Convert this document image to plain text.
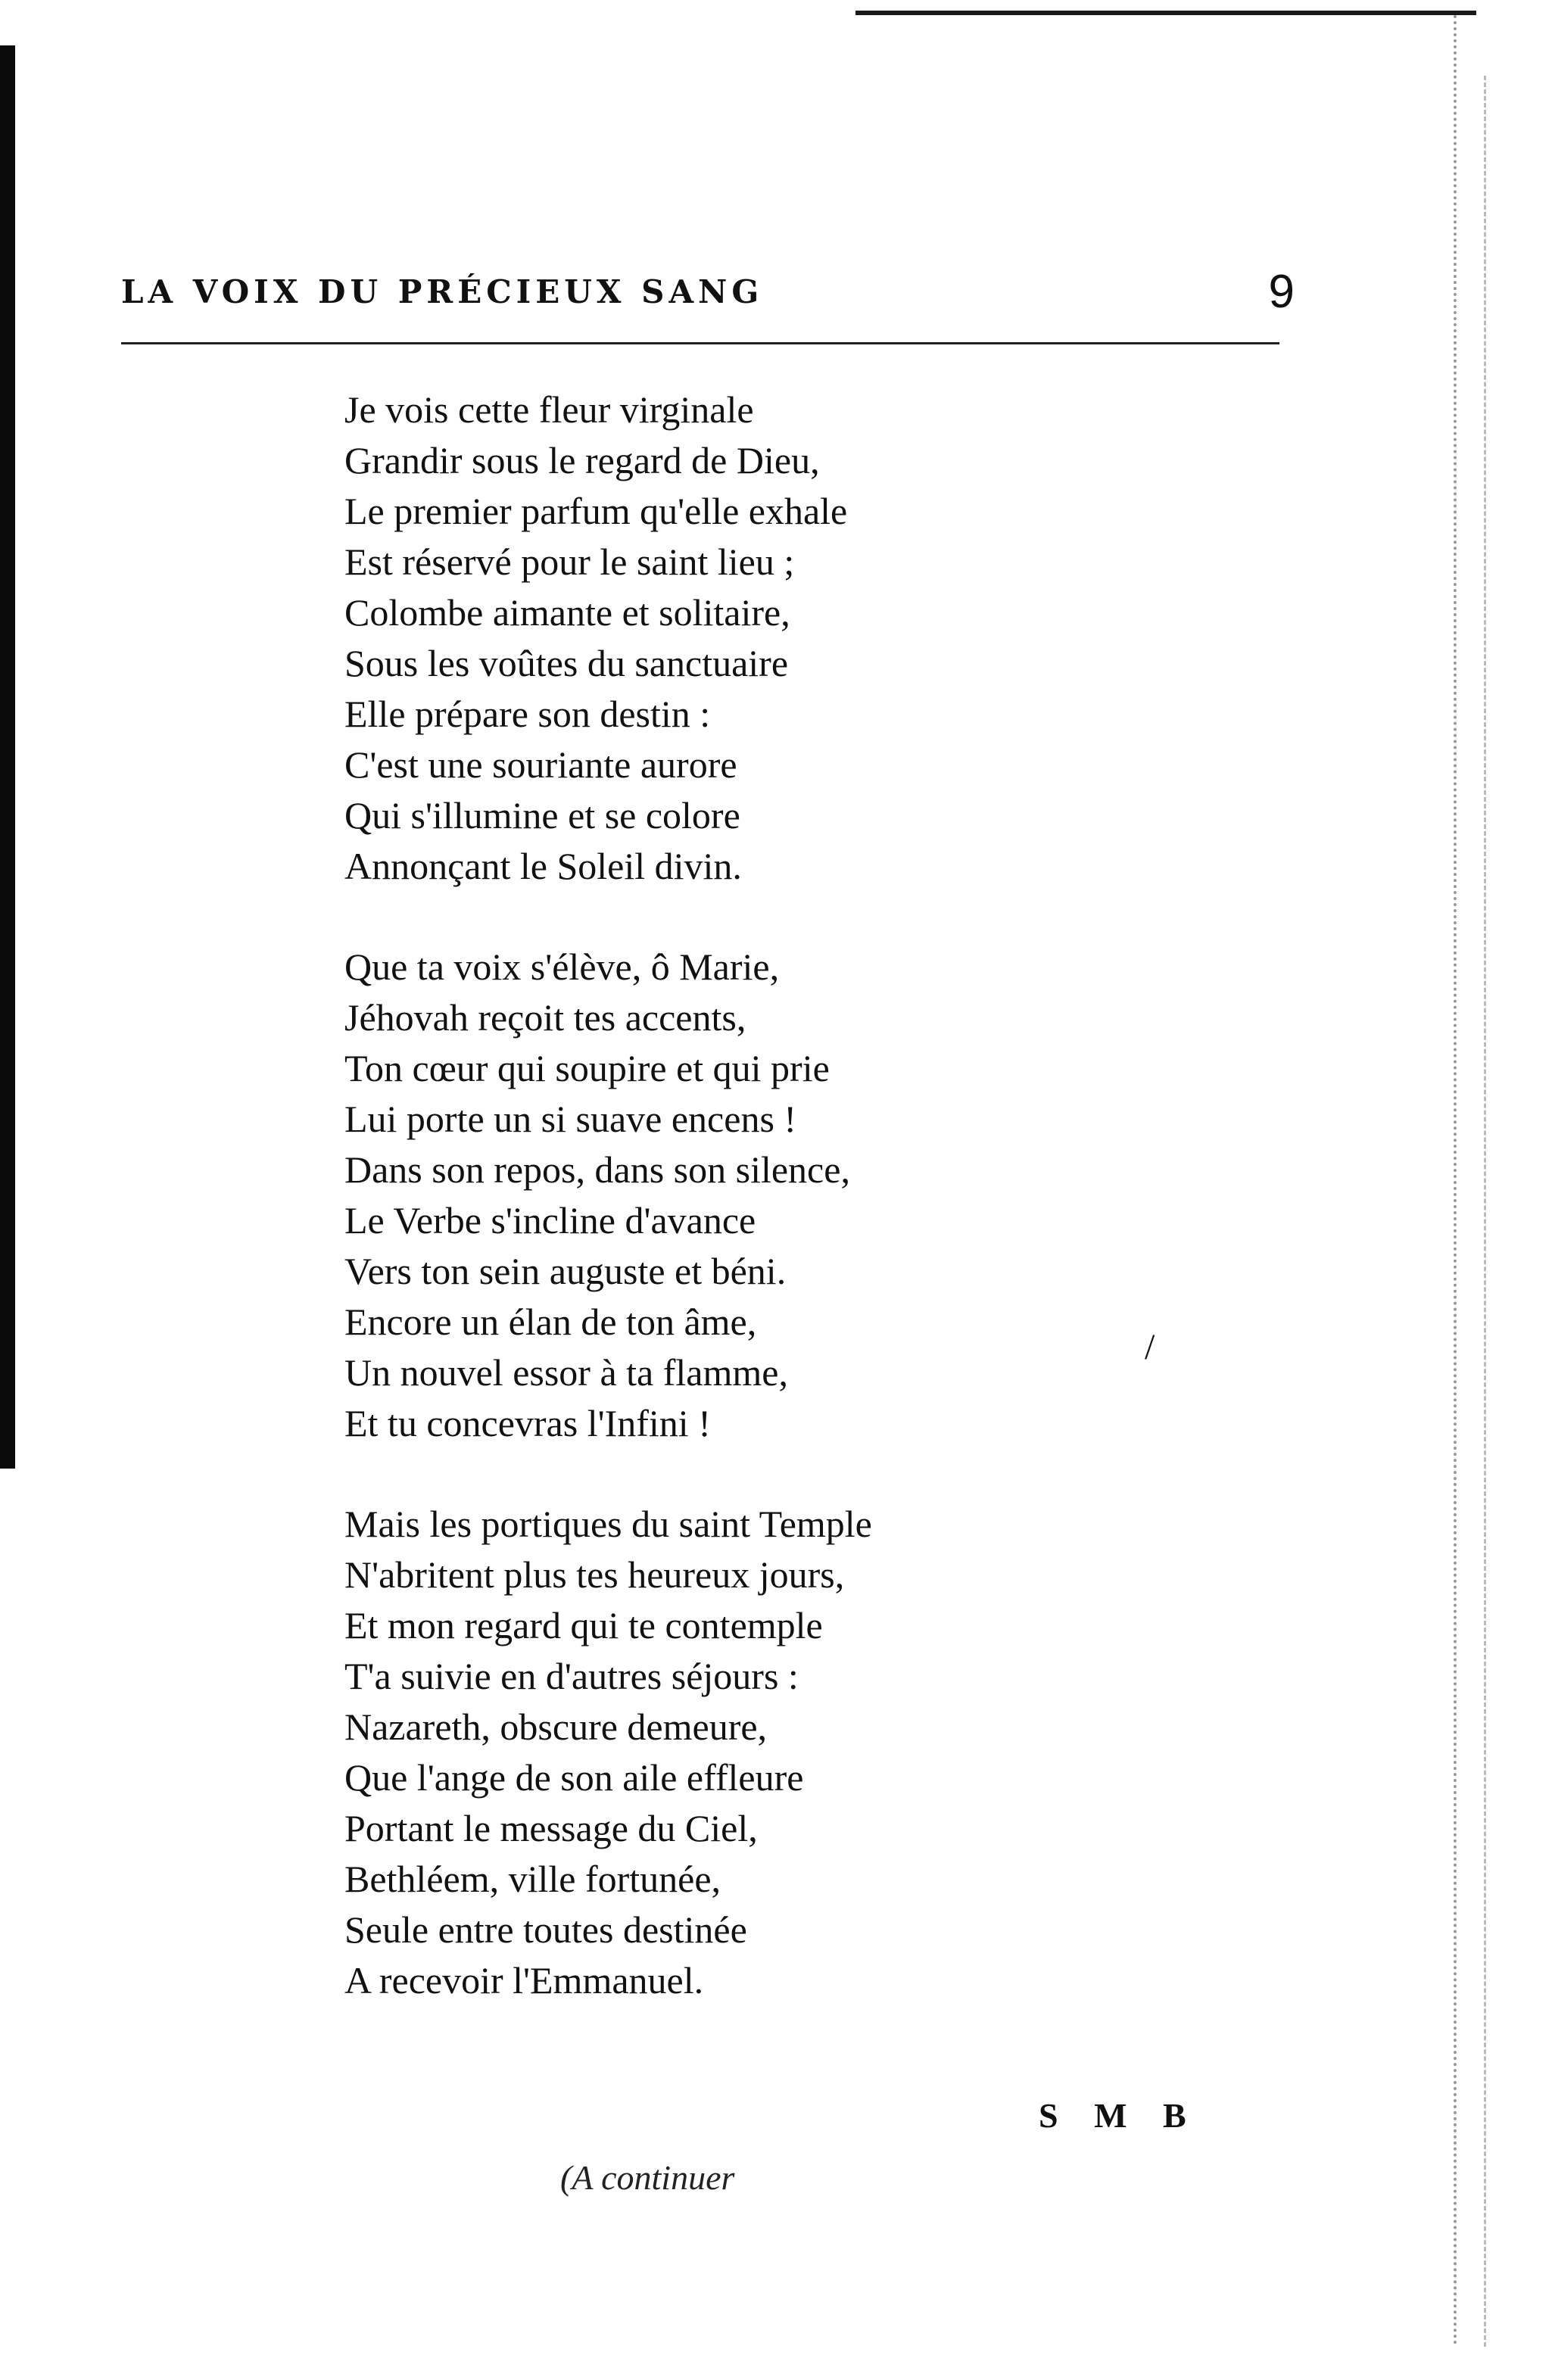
LA VOIX DU PRÉCIEUX SANG	9
Je vois cette fleur virginale
Grandir sous le regard de Dieu,
Le premier parfum qu'elle exhale
Est réservé pour le saint lieu ;
Colombe aimante et solitaire,
Sous les voûtes du sanctuaire
Elle prépare son destin :
C'est une souriante aurore
Qui s'illumine et se colore
Annonçant le Soleil divin.
Que ta voix s'élève, ô Marie,
Jéhovah reçoit tes accents,
Ton cœur qui soupire et qui prie
Lui porte un si suave encens !
Dans son repos, dans son silence,
Le Verbe s'incline d'avance
Vers ton sein auguste et béni.
Encore un élan de ton âme,
Un nouvel essor à ta flamme,
Et tu concevras l'Infini !
Mais les portiques du saint Temple
N'abritent plus tes heureux jours,
Et mon regard qui te contemple
T'a suivie en d'autres séjours :
Nazareth, obscure demeure,
Que l'ange de son aile effleure
Portant le message du Ciel,
Bethléem, ville fortunée,
Seule entre toutes destinée
A recevoir l'Emmanuel.
/
S M B
(A continuer
